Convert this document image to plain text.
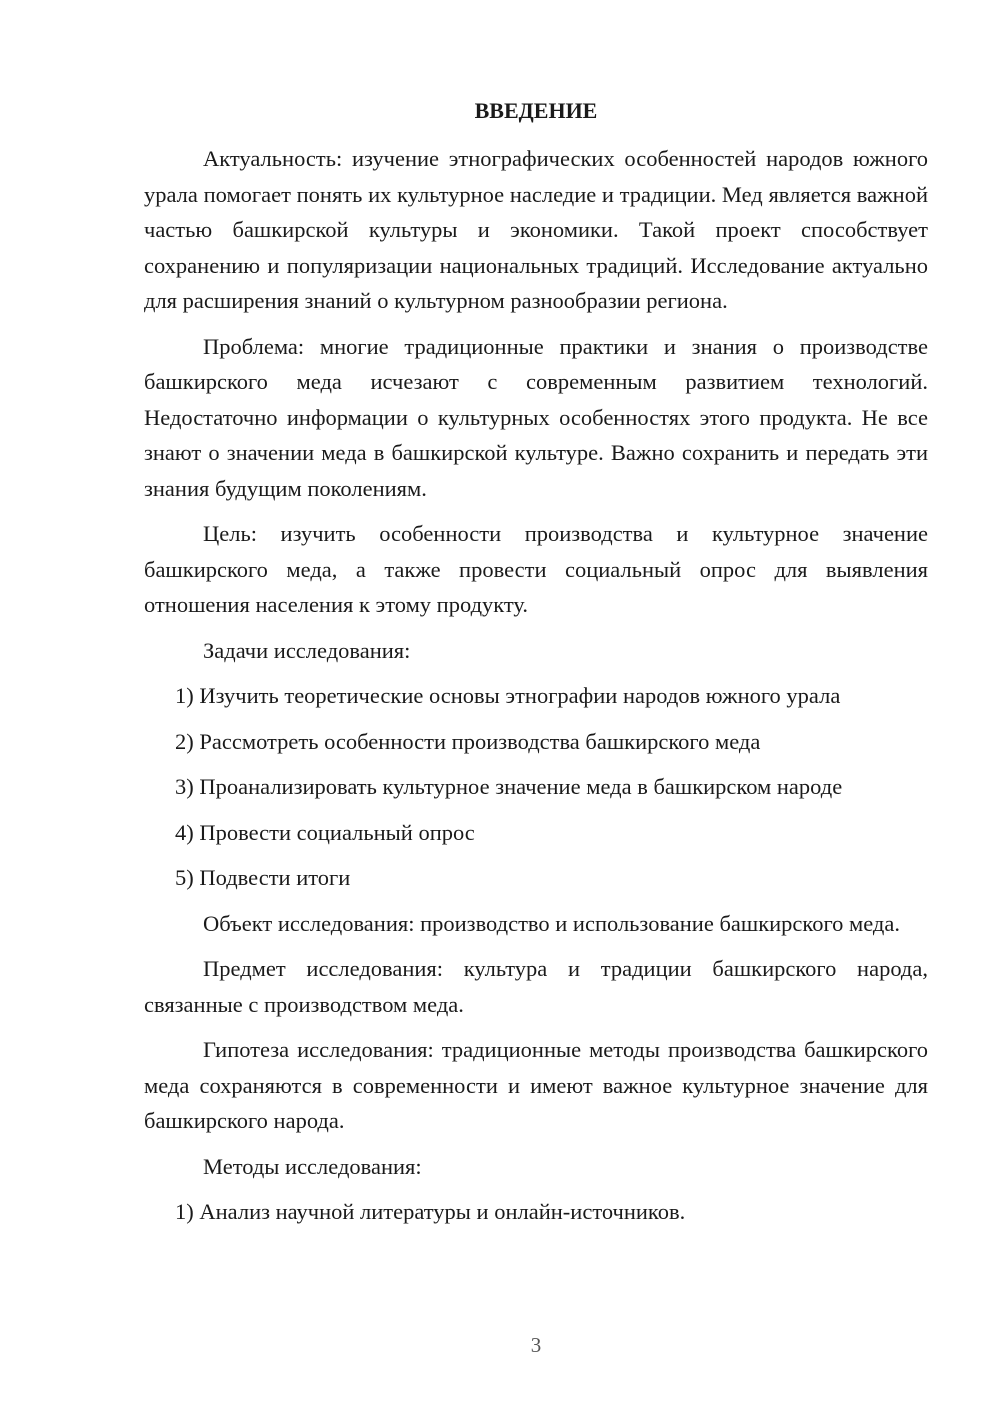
ВВЕДЕНИЕ

Актуальность: изучение этнографических особенностей народов южного урала помогает понять их культурное наследие и традиции. Мед является важной частью башкирской культуры и экономики. Такой проект способствует сохранению и популяризации национальных традиций. Исследование актуально для расширения знаний о культурном разнообразии региона.

Проблема: многие традиционные практики и знания о производстве башкирского меда исчезают с современным развитием технологий. Недостаточно информации о культурных особенностях этого продукта. Не все знают о значении меда в башкирской культуре. Важно сохранить и передать эти знания будущим поколениям.

Цель: изучить особенности производства и культурное значение башкирского меда, а также провести социальный опрос для выявления отношения населения к этому продукту.

Задачи исследования:

1) Изучить теоретические основы этнографии народов южного урала

2) Рассмотреть особенности производства башкирского меда

3) Проанализировать культурное значение меда в башкирском народе

4) Провести социальный опрос

5) Подвести итоги

Объект исследования: производство и использование башкирского меда.

Предмет исследования: культура и традиции башкирского народа, связанные с производством меда.

Гипотеза исследования: традиционные методы производства башкирского меда сохраняются в современности и имеют важное культурное значение для башкирского народа.

Методы исследования:

1) Анализ научной литературы и онлайн-источников.

3
